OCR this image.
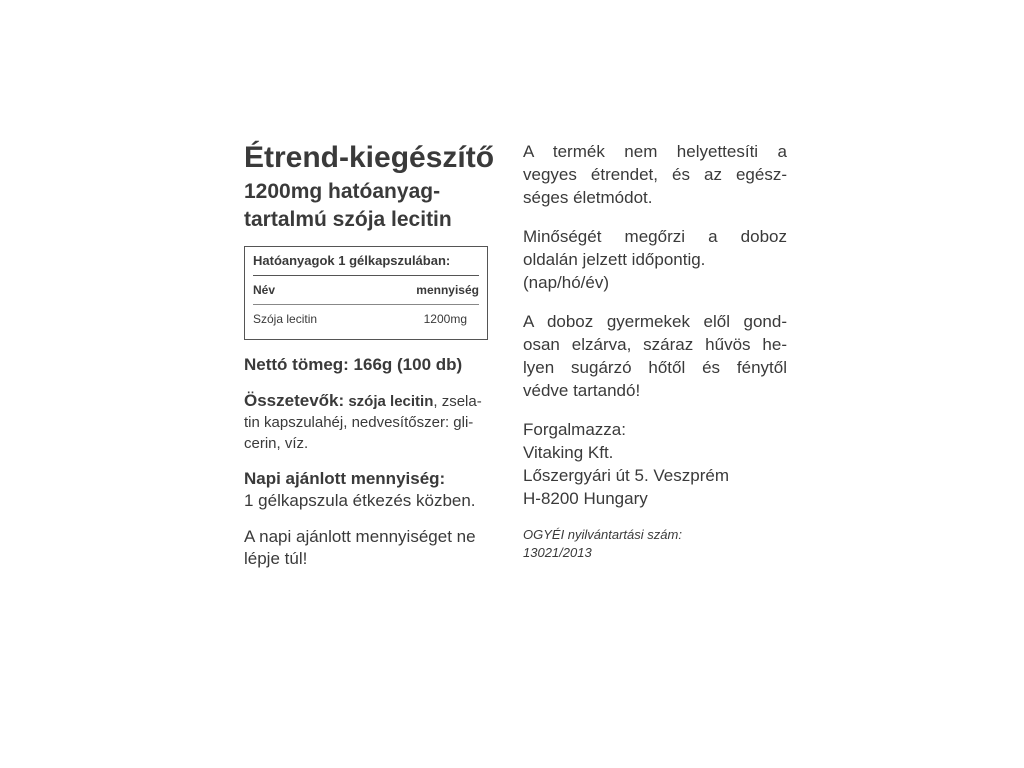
Étrend-kiegészítő
1200mg hatóanyag-
tartalmú szója lecitin
Hatóanyagok 1 gélkapszulában:
Név	mennyiség
Szója lecitin	1200mg
Nettó tömeg: 166g (100 db)
Összetevők: szója lecitin, zsela-
tin kapszulahéj, nedvesítőszer: gli-
cerin, víz.
Napi ajánlott mennyiség:
1 gélkapszula étkezés közben.
A napi ajánlott mennyiséget ne
lépje túl!
A termék nem helyettesíti a
vegyes étrendet, és az egész-
séges életmódot.
Minőségét megőrzi a doboz
oldalán jelzett időpontig.
(nap/hó/év)
A doboz gyermekek elől gond-
osan elzárva, száraz hűvös he-
lyen sugárzó hőtől és fénytől
védve tartandó!
Forgalmazza:
Vitaking Kft.
Lőszergyári út 5. Veszprém
H-8200 Hungary
OGYÉI nyilvántartási szám:
13021/2013
